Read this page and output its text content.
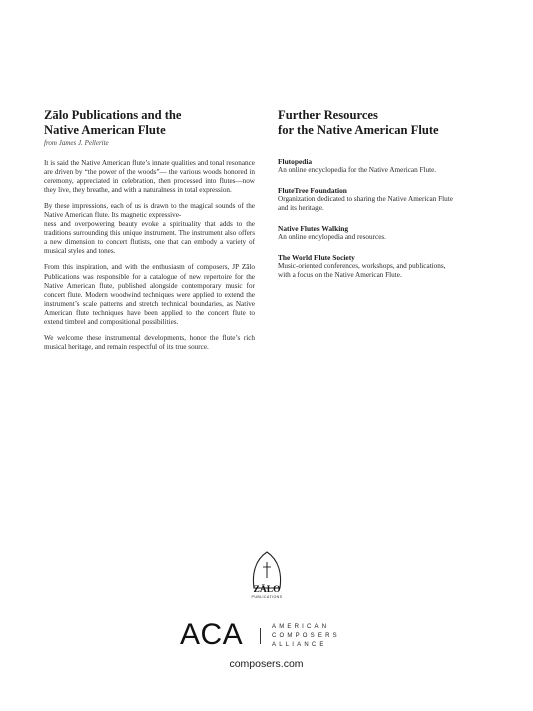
Zālo Publications and the
Native American Flute

from James J. Pellerite

It is said the Native American flute’s innate qualities and tonal resonance are driven by “the power of the woods”— the various woods honored in ceremony, appreciated in celebration, then processed into flutes—now they live, they breathe, and with a naturalness in total expression.

By these impressions, each of us is drawn to the magical sounds of the Native American flute. Its magnetic expressive-
ness and overpowering beauty evoke a spirituality that adds to the traditions surrounding this unique instrument. The instrument also offers a new dimension to concert flutists, one that can embody a variety of musical styles and tones.

From this inspiration, and with the enthusiasm of composers, JP Zālo Publications was responsible for a catalogue of new repertoire for the Native American flute, published alongside contemporary music for concert flute. Modern woodwind techniques were applied to extend the instrument’s scale patterns and stretch technical boundaries, as Native American flute techniques have been applied to the concert flute to extend timbrel and compositional possibilities.

We welcome these instrumental developments, honor the flute’s rich musical heritage, and remain respectful of its true source.

Further Resources
for the Native American Flute

Flutopedia

An online encyclopedia for the Native American Flute.

FluteTree Foundation

Organization dedicated to sharing the Native American Flute
and its heritage.

Native Flutes Walking

An online encylopedia and resources.

The World Flute Society

Music-oriented conferences, workshops, and publications,
with a focus on the Native American Flute.

ZĀLO
PUBLICATIONS
ACA	AMERICAN
COMPOSERS
ALLIANCE
composers.com
